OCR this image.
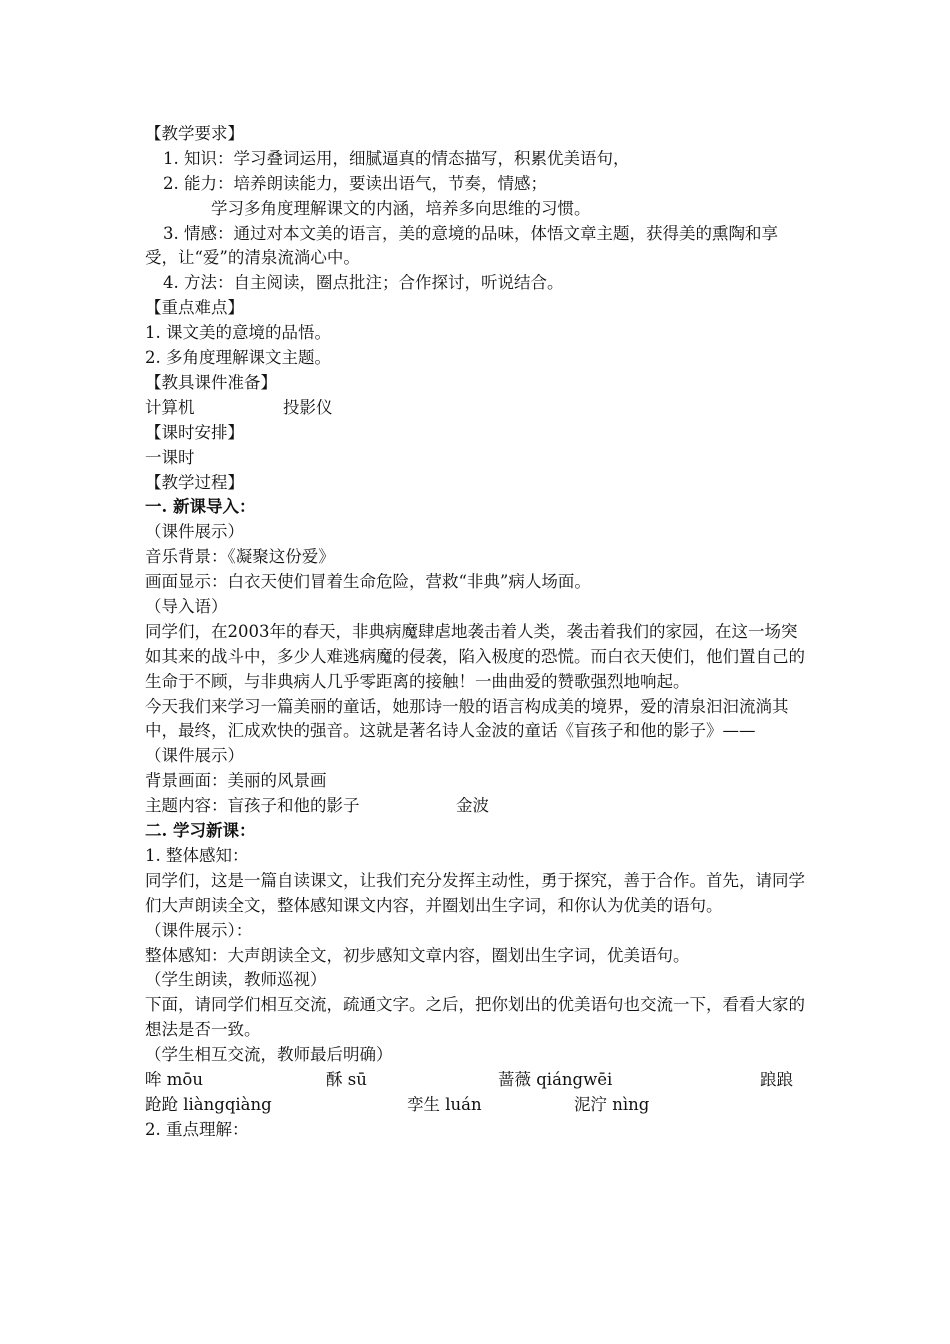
【教学要求】
1. 知识：学习叠词运用，细腻逼真的情态描写，积累优美语句，
2. 能力：培养朗读能力，要读出语气，节奏，情感；
学习多角度理解课文的内涵，培养多向思维的习惯。
3. 情感：通过对本文美的语言，美的意境的品味，体悟文章主题，获得美的熏陶和享受，让“爱”的清泉流淌心中。
4. 方法：自主阅读，圈点批注；合作探讨，听说结合。
【重点难点】
1. 课文美的意境的品悟。
2. 多角度理解课文主题。
【教具课件准备】
计算机	投影仪
【课时安排】
一课时
【教学过程】
一. 新课导入：
（课件展示）
音乐背景：《凝聚这份爱》
画面显示：白衣天使们冒着生命危险，营救“非典”病人场面。
（导入语）
同学们，在2003年的春天，非典病魔肆虐地袭击着人类，袭击着我们的家园，在这一场突如其来的战斗中，多少人难逃病魔的侵袭，陷入极度的恐慌。而白衣天使们，他们置自己的生命于不顾，与非典病人几乎零距离的接触！一曲曲爱的赞歌强烈地响起。
今天我们来学习一篇美丽的童话，她那诗一般的语言构成美的境界，爱的清泉汩汩流淌其中，最终，汇成欢快的强音。这就是著名诗人金波的童话《盲孩子和他的影子》——
（课件展示）
背景画面：美丽的风景画
主题内容：盲孩子和他的影子	金波
二. 学习新课：
1. 整体感知：
同学们，这是一篇自读课文，让我们充分发挥主动性，勇于探究，善于合作。首先，请同学们大声朗读全文，整体感知课文内容，并圈划出生字词，和你认为优美的语句。
（课件展示）：
整体感知：大声朗读全文，初步感知文章内容，圈划出生字词，优美语句。
（学生朗读，教师巡视）
下面，请同学们相互交流，疏通文字。之后，把你划出的优美语句也交流一下，看看大家的想法是否一致。
（学生相互交流，教师最后明确）
哞 mōu	酥 sū	蔷薇 qiángwēi	踉踉
跄跄 liàngqiàng	孪生 luán	泥泞 nìng
2. 重点理解：
